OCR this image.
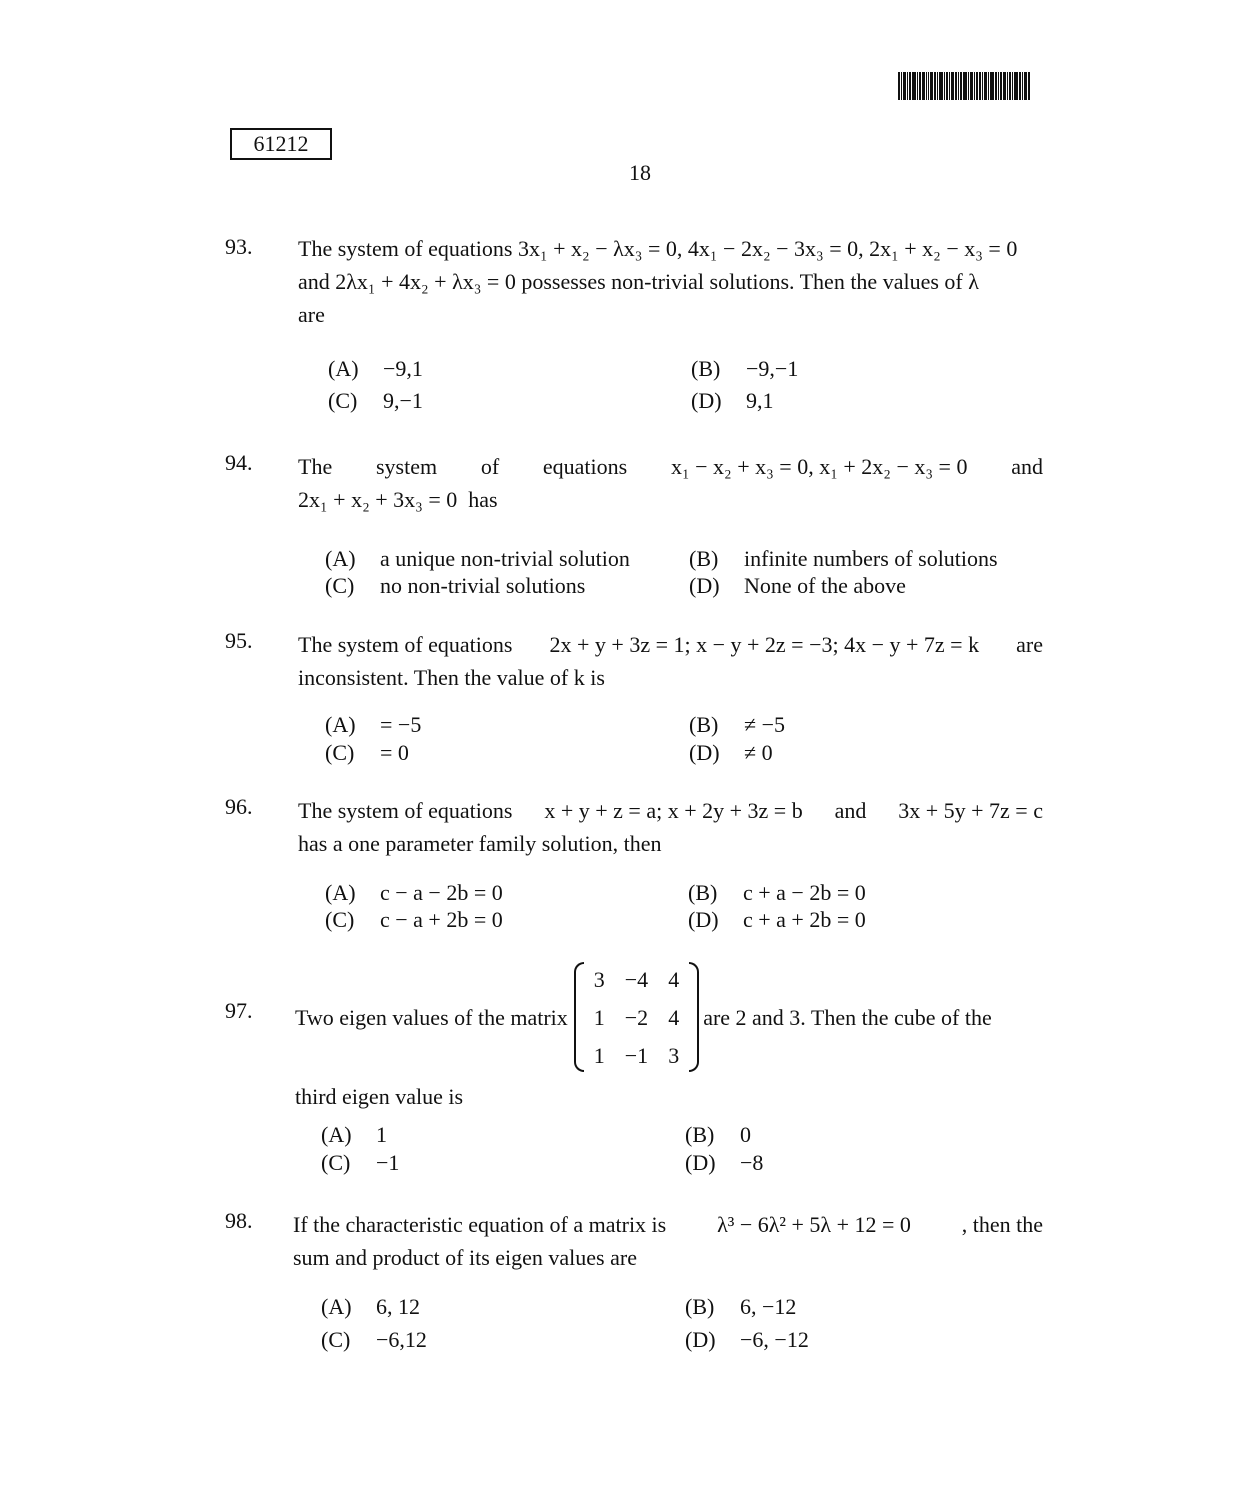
61212
18
93. The system of equations 3x₁ + x₂ − λx₃ = 0, 4x₁ − 2x₂ − 3x₃ = 0, 2x₁ + x₂ − x₃ = 0
and 2λx₁ + 4x₂ + λx₃ = 0 possesses non-trivial solutions. Then the values of λ
are
(A) −9,1	(B) −9,−1
(C) 9,−1	(D) 9,1
94. The system of equations x₁ − x₂ + x₃ = 0, x₁ + 2x₂ − x₃ = 0 and
2x₁ + x₂ + 3x₃ = 0 has
(A) a unique non-trivial solution	(B) infinite numbers of solutions
(C) no non-trivial solutions	(D) None of the above
95. The system of equations 2x + y + 3z = 1; x − y + 2z = −3; 4x − y + 7z = k are
inconsistent. Then the value of k is
(A) = −5	(B) ≠ −5
(C) = 0	(D) ≠ 0
96. The system of equations x + y + z = a; x + 2y + 3z = b and 3x + 5y + 7z = c
has a one parameter family solution, then
(A) c − a − 2b = 0	(B) c + a − 2b = 0
(C) c − a + 2b = 0	(D) c + a + 2b = 0
97. Two eigen values of the matrix
3	−4	4
1	−2	4
1	−1	3
are 2 and 3. Then the cube of the
third eigen value is
(A) 1	(B) 0
(C) −1	(D) −8
98. If the characteristic equation of a matrix is λ³ − 6λ² + 5λ + 12 = 0 , then the
sum and product of its eigen values are
(A) 6, 12	(B) 6, −12
(C) −6,12	(D) −6, −12
